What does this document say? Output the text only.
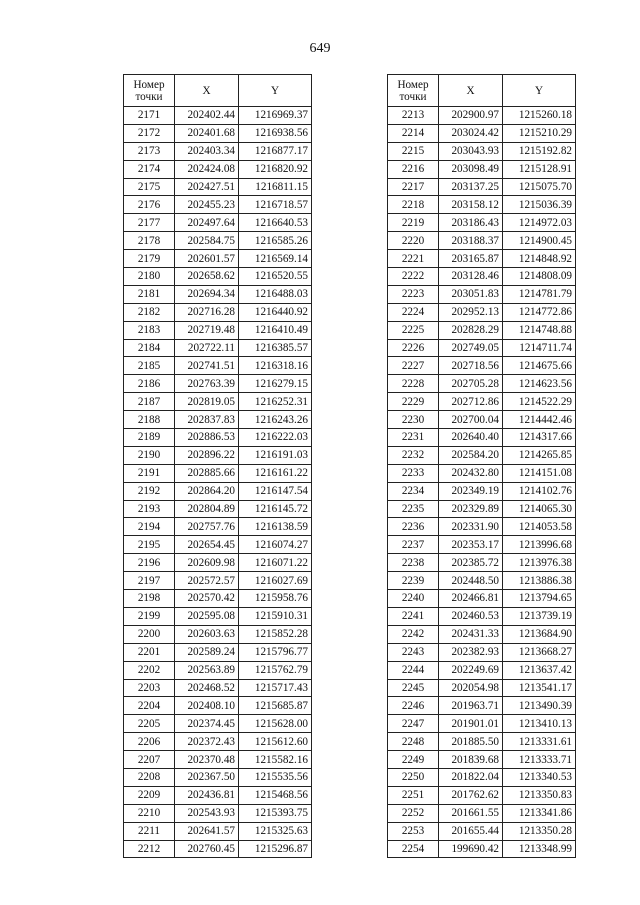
649
Номер точки	X	Y
2171	202402.44	1216969.37
2172	202401.68	1216938.56
2173	202403.34	1216877.17
2174	202424.08	1216820.92
2175	202427.51	1216811.15
2176	202455.23	1216718.57
2177	202497.64	1216640.53
2178	202584.75	1216585.26
2179	202601.57	1216569.14
2180	202658.62	1216520.55
2181	202694.34	1216488.03
2182	202716.28	1216440.92
2183	202719.48	1216410.49
2184	202722.11	1216385.57
2185	202741.51	1216318.16
2186	202763.39	1216279.15
2187	202819.05	1216252.31
2188	202837.83	1216243.26
2189	202886.53	1216222.03
2190	202896.22	1216191.03
2191	202885.66	1216161.22
2192	202864.20	1216147.54
2193	202804.89	1216145.72
2194	202757.76	1216138.59
2195	202654.45	1216074.27
2196	202609.98	1216071.22
2197	202572.57	1216027.69
2198	202570.42	1215958.76
2199	202595.08	1215910.31
2200	202603.63	1215852.28
2201	202589.24	1215796.77
2202	202563.89	1215762.79
2203	202468.52	1215717.43
2204	202408.10	1215685.87
2205	202374.45	1215628.00
2206	202372.43	1215612.60
2207	202370.48	1215582.16
2208	202367.50	1215535.56
2209	202436.81	1215468.56
2210	202543.93	1215393.75
2211	202641.57	1215325.63
2212	202760.45	1215296.87
Номер точки	X	Y
2213	202900.97	1215260.18
2214	203024.42	1215210.29
2215	203043.93	1215192.82
2216	203098.49	1215128.91
2217	203137.25	1215075.70
2218	203158.12	1215036.39
2219	203186.43	1214972.03
2220	203188.37	1214900.45
2221	203165.87	1214848.92
2222	203128.46	1214808.09
2223	203051.83	1214781.79
2224	202952.13	1214772.86
2225	202828.29	1214748.88
2226	202749.05	1214711.74
2227	202718.56	1214675.66
2228	202705.28	1214623.56
2229	202712.86	1214522.29
2230	202700.04	1214442.46
2231	202640.40	1214317.66
2232	202584.20	1214265.85
2233	202432.80	1214151.08
2234	202349.19	1214102.76
2235	202329.89	1214065.30
2236	202331.90	1214053.58
2237	202353.17	1213996.68
2238	202385.72	1213976.38
2239	202448.50	1213886.38
2240	202466.81	1213794.65
2241	202460.53	1213739.19
2242	202431.33	1213684.90
2243	202382.93	1213668.27
2244	202249.69	1213637.42
2245	202054.98	1213541.17
2246	201963.71	1213490.39
2247	201901.01	1213410.13
2248	201885.50	1213331.61
2249	201839.68	1213333.71
2250	201822.04	1213340.53
2251	201762.62	1213350.83
2252	201661.55	1213341.86
2253	201655.44	1213350.28
2254	199690.42	1213348.99
